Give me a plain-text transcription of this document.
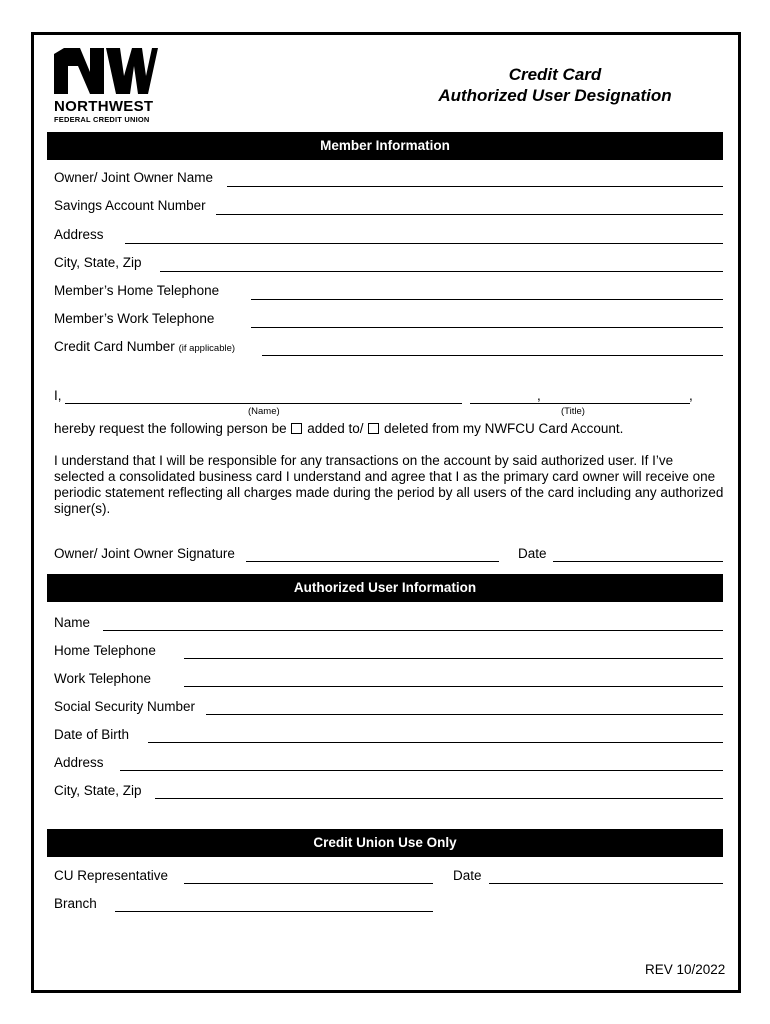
NORTHWEST
FEDERAL CREDIT UNION
Credit Card
Authorized User Designation
Member Information
Owner/ Joint Owner Name
Savings Account Number
Address
City, State, Zip
Member’s Home Telephone
Member’s Work Telephone
Credit Card Number (if applicable)
I,	,	,
(Name)	(Title)
hereby request the following person be added to/ deleted from my NWFCU Card Account.
I understand that I will be responsible for any transactions on the account by said authorized user. If I’ve selected a consolidated business card I understand and agree that I as the primary card owner will receive one periodic statement reflecting all charges made during the period by all users of the card including any authorized signer(s).
Owner/ Joint Owner Signature	Date
Authorized User Information
Name
Home Telephone
Work Telephone
Social Security Number
Date of Birth
Address
City, State, Zip
Credit Union Use Only
CU Representative	Date
Branch
REV 10/2022
